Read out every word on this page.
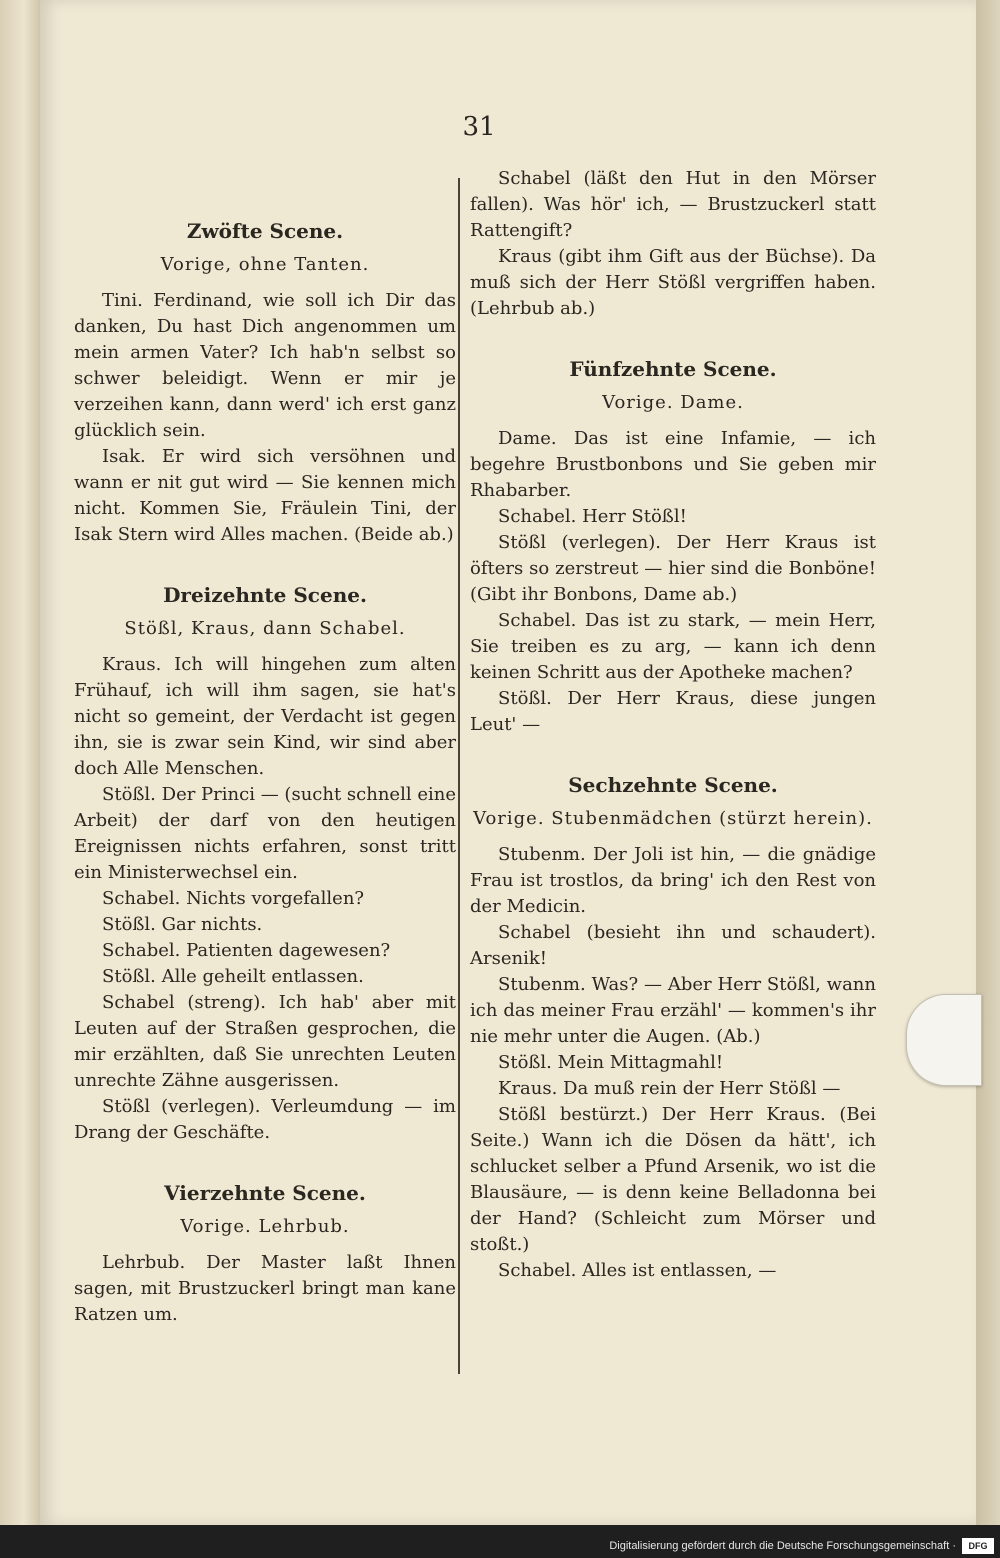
31
Zwöfte Scene.
Vorige, ohne Tanten.

Tini. Ferdinand, wie soll ich Dir das danken, Du hast Dich angenommen um mein armen Vater? Ich hab'n selbst so schwer beleidigt. Wenn er mir je verzeihen kann, dann werd' ich erst ganz glücklich sein.

Isak. Er wird sich versöhnen und wann er nit gut wird — Sie kennen mich nicht. Kommen Sie, Fräulein Tini, der Isak Stern wird Alles machen. (Beide ab.)

Dreizehnte Scene.
Stößl, Kraus, dann Schabel.

Kraus. Ich will hingehen zum alten Frühauf, ich will ihm sagen, sie hat's nicht so gemeint, der Verdacht ist gegen ihn, sie is zwar sein Kind, wir sind aber doch Alle Menschen.

Stößl. Der Princi — (sucht schnell eine Arbeit) der darf von den heutigen Ereignissen nichts erfahren, sonst tritt ein Ministerwechsel ein.

Schabel. Nichts vorgefallen?

Stößl. Gar nichts.

Schabel. Patienten dagewesen?

Stößl. Alle geheilt entlassen.

Schabel (streng). Ich hab' aber mit Leuten auf der Straßen gesprochen, die mir erzählten, daß Sie unrechten Leuten unrechte Zähne ausgerissen.

Stößl (verlegen). Verleumdung — im Drang der Geschäfte.

Vierzehnte Scene.
Vorige. Lehrbub.

Lehrbub. Der Master laßt Ihnen sagen, mit Brustzuckerl bringt man kane Ratzen um.

Schabel (läßt den Hut in den Mörser fallen). Was hör' ich, — Brustzuckerl statt Rattengift?

Kraus (gibt ihm Gift aus der Büchse). Da muß sich der Herr Stößl vergriffen haben. (Lehrbub ab.)

Fünfzehnte Scene.
Vorige. Dame.

Dame. Das ist eine Infamie, — ich begehre Brustbonbons und Sie geben mir Rhabarber.

Schabel. Herr Stößl!

Stößl (verlegen). Der Herr Kraus ist öfters so zerstreut — hier sind die Bonböne! (Gibt ihr Bonbons, Dame ab.)

Schabel. Das ist zu stark, — mein Herr, Sie treiben es zu arg, — kann ich denn keinen Schritt aus der Apotheke machen?

Stößl. Der Herr Kraus, diese jungen Leut' —

Sechzehnte Scene.
Vorige. Stubenmädchen (stürzt herein).

Stubenm. Der Joli ist hin, — die gnädige Frau ist trostlos, da bring' ich den Rest von der Medicin.

Schabel (besieht ihn und schaudert). Arsenik!

Stubenm. Was? — Aber Herr Stößl, wann ich das meiner Frau erzähl' — kommen's ihr nie mehr unter die Augen. (Ab.)

Stößl. Mein Mittagmahl!

Kraus. Da muß rein der Herr Stößl —

Stößl bestürzt.) Der Herr Kraus. (Bei Seite.) Wann ich die Dösen da hätt', ich schlucket selber a Pfund Arsenik, wo ist die Blausäure, — is denn keine Belladonna bei der Hand? (Schleicht zum Mörser und stoßt.)

Schabel. Alles ist entlassen, —

Digitalisierung gefördert durch die Deutsche Forschungsgemeinschaft ·	DFG
